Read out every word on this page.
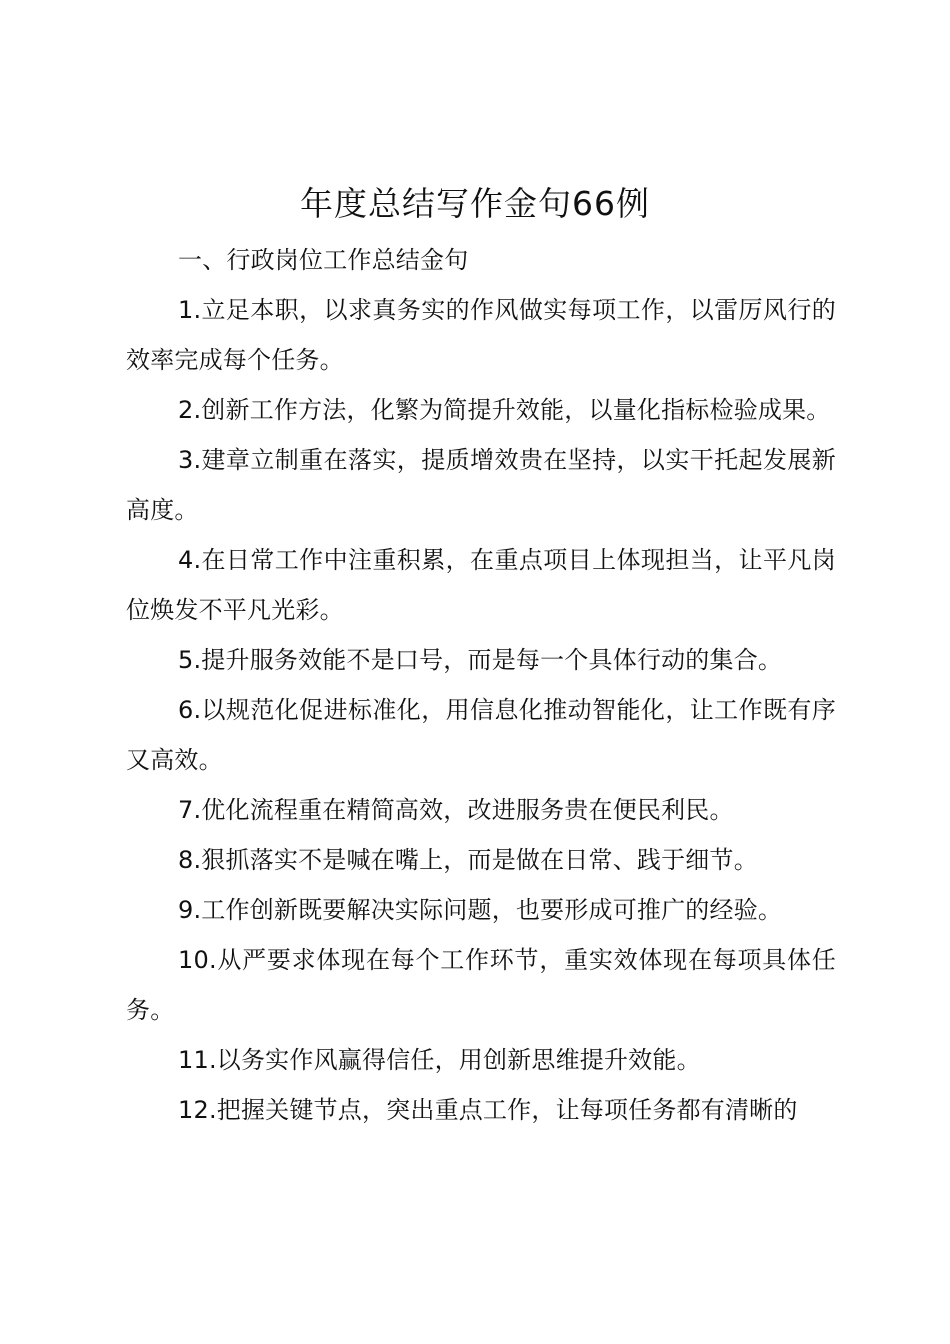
年度总结写作金句66例

一、行政岗位工作总结金句

1.立足本职，以求真务实的作风做实每项工作，以雷厉风行的效率完成每个任务。

2.创新工作方法，化繁为简提升效能，以量化指标检验成果。

3.建章立制重在落实，提质增效贵在坚持，以实干托起发展新高度。

4.在日常工作中注重积累，在重点项目上体现担当，让平凡岗位焕发不平凡光彩。

5.提升服务效能不是口号，而是每一个具体行动的集合。

6.以规范化促进标准化，用信息化推动智能化，让工作既有序又高效。

7.优化流程重在精简高效，改进服务贵在便民利民。

8.狠抓落实不是喊在嘴上，而是做在日常、践于细节。

9.工作创新既要解决实际问题，也要形成可推广的经验。

10.从严要求体现在每个工作环节，重实效体现在每项具体任务。

11.以务实作风赢得信任，用创新思维提升效能。

12.把握关键节点，突出重点工作，让每项任务都有清晰的
